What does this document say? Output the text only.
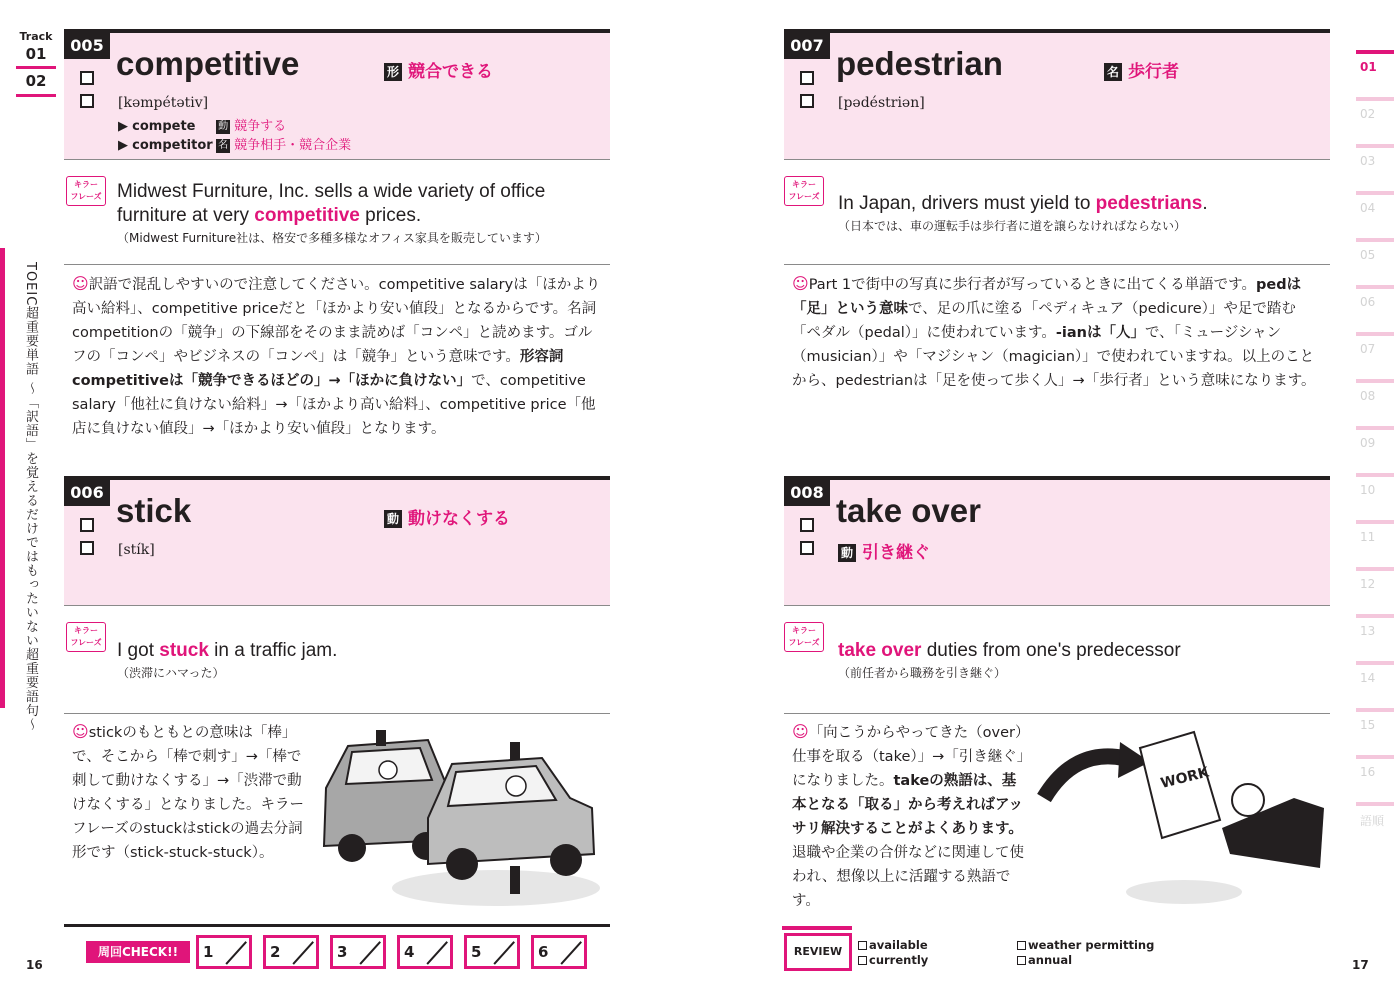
Track
01
02
TOEIC超重要単語 〜「訳語」を覚えるだけではもったいない超重要語句〜
16
005 competitive	形 競合できる
[kəmpétətiv]
▶ compete 動 競争する
▶ competitor 名 競争相手・競合企業
キラー
フレーズ Midwest Furniture, Inc. sells a wide variety of office furniture at very competitive prices.
（Midwest Furniture社は、格安で多種多様なオフィス家具を販売しています）
☺訳語で混乱しやすいので注意してください。competitive salaryは「ほかより高い給料」、competitive priceだと「ほかより安い値段」となるからです。名詞competitionの「競争」の下線部をそのまま読めば「コンペ」と読めます。ゴルフの「コンペ」やビジネスの「コンペ」は「競争」という意味です。形容詞competitiveは「競争できるほどの」→「ほかに負けない」で、competitive salary「他社に負けない給料」→「ほかより高い給料」、competitive price「他店に負けない値段」→「ほかより安い値段」となります。
006 stick	動 動けなくする
[stík]
キラー
フレーズ I got stuck in a traffic jam.
（渋滞にハマった）
☺stickのもともとの意味は「棒」で、そこから「棒で刺す」→「棒で刺して動けなくする」→「渋滞で動けなくする」となりました。キラーフレーズのstuckはstickの過去分詞形です（stick-stuck-stuck）。
007 pedestrian	名 歩行者
[pədéstriən]
キラー
フレーズ In Japan, drivers must yield to pedestrians.
（日本では、車の運転手は歩行者に道を譲らなければならない）
☺Part 1で街中の写真に歩行者が写っているときに出てくる単語です。pedは「足」という意味で、足の爪に塗る「ペディキュア（pedicure）」や足で踏む「ペダル（pedal）」に使われています。-ianは「人」で、「ミュージシャン（musician）」や「マジシャン（magician）」で使われていますね。以上のことから、pedestrianは「足を使って歩く人」→「歩行者」という意味になります。
008 take over
動 引き継ぐ
キラー
フレーズ take over duties from one's predecessor
（前任者から職務を引き継ぐ）
☺「向こうからやってきた（over）仕事を取る（take）」→「引き継ぐ」になりました。takeの熟語は、基本となる「取る」から考えればアッサリ解決することがよくあります。退職や企業の合併などに関連して使われ、想像以上に活躍する熟語です。
WORK
周回CHECK!!	1	2	3	4	5	6	REVIEW	available
currently
weather permitting
annual	17
01
02
03
04
05
06
07
08
09
10
11
12
13
14
15
16
語順
